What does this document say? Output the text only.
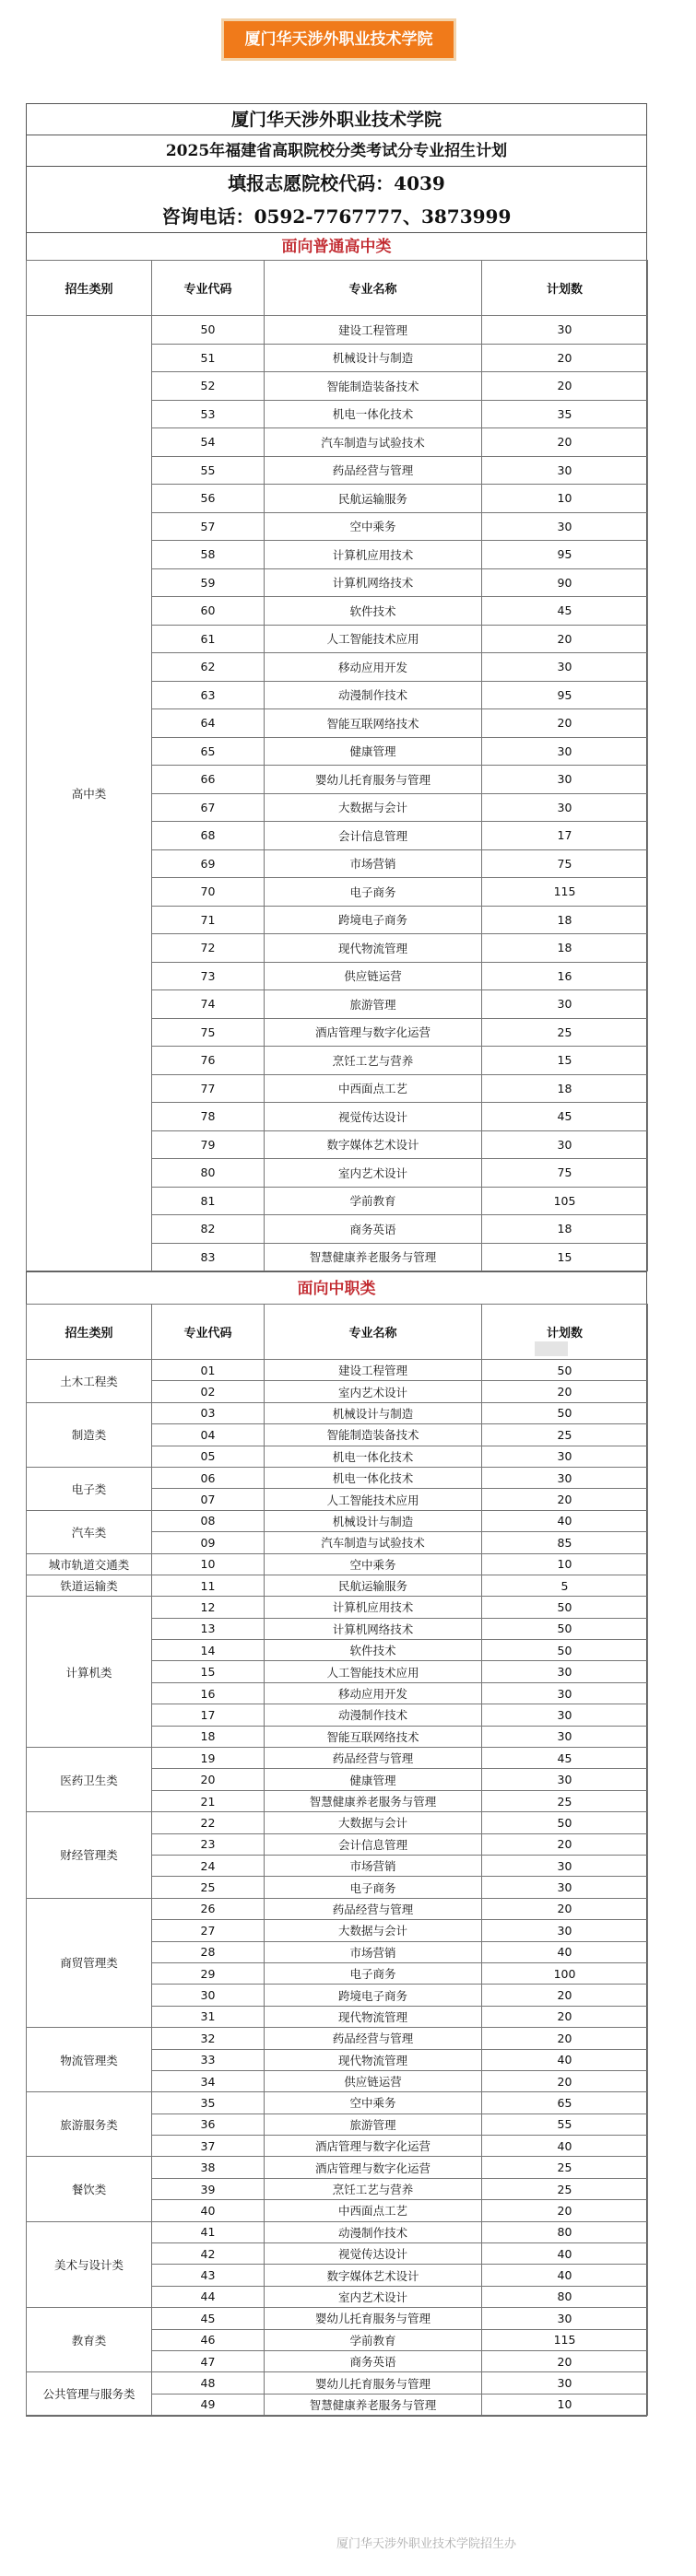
厦门华天涉外职业技术学院
厦门华天涉外职业技术学院
2025年福建省高职院校分类考试分专业招生计划
填报志愿院校代码：4039
咨询电话：0592-7767777、3873999
面向普通高中类
招生类别	专业代码	专业名称	计划数
高中类	50	建设工程管理	30
	51	机械设计与制造	20
	52	智能制造装备技术	20
	53	机电一体化技术	35
	54	汽车制造与试验技术	20
	55	药品经营与管理	30
	56	民航运输服务	10
	57	空中乘务	30
	58	计算机应用技术	95
	59	计算机网络技术	90
	60	软件技术	45
	61	人工智能技术应用	20
	62	移动应用开发	30
	63	动漫制作技术	95
	64	智能互联网络技术	20
	65	健康管理	30
	66	婴幼儿托育服务与管理	30
	67	大数据与会计	30
	68	会计信息管理	17
	69	市场营销	75
	70	电子商务	115
	71	跨境电子商务	18
	72	现代物流管理	18
	73	供应链运营	16
	74	旅游管理	30
	75	酒店管理与数字化运营	25
	76	烹饪工艺与营养	15
	77	中西面点工艺	18
	78	视觉传达设计	45
	79	数字媒体艺术设计	30
	80	室内艺术设计	75
	81	学前教育	105
	82	商务英语	18
	83	智慧健康养老服务与管理	15
面向中职类
招生类别	专业代码	专业名称	计划数
土木工程类	01	建设工程管理	50
	02	室内艺术设计	20
制造类	03	机械设计与制造	50
	04	智能制造装备技术	25
	05	机电一体化技术	30
电子类	06	机电一体化技术	30
	07	人工智能技术应用	20
汽车类	08	机械设计与制造	40
	09	汽车制造与试验技术	85
城市轨道交通类	10	空中乘务	10
铁道运输类	11	民航运输服务	5
计算机类	12	计算机应用技术	50
	13	计算机网络技术	50
	14	软件技术	50
	15	人工智能技术应用	30
	16	移动应用开发	30
	17	动漫制作技术	30
	18	智能互联网络技术	30
医药卫生类	19	药品经营与管理	45
	20	健康管理	30
	21	智慧健康养老服务与管理	25
财经管理类	22	大数据与会计	50
	23	会计信息管理	20
	24	市场营销	30
	25	电子商务	30
商贸管理类	26	药品经营与管理	20
	27	大数据与会计	30
	28	市场营销	40
	29	电子商务	100
	30	跨境电子商务	20
	31	现代物流管理	20
物流管理类	32	药品经营与管理	20
	33	现代物流管理	40
	34	供应链运营	20
旅游服务类	35	空中乘务	65
	36	旅游管理	55
	37	酒店管理与数字化运营	40
餐饮类	38	酒店管理与数字化运营	25
	39	烹饪工艺与营养	25
	40	中西面点工艺	20
美术与设计类	41	动漫制作技术	80
	42	视觉传达设计	40
	43	数字媒体艺术设计	40
	44	室内艺术设计	80
教育类	45	婴幼儿托育服务与管理	30
	46	学前教育	115
	47	商务英语	20
公共管理与服务类	48	婴幼儿托育服务与管理	30
	49	智慧健康养老服务与管理	10
厦门华天涉外职业技术学院招生办
